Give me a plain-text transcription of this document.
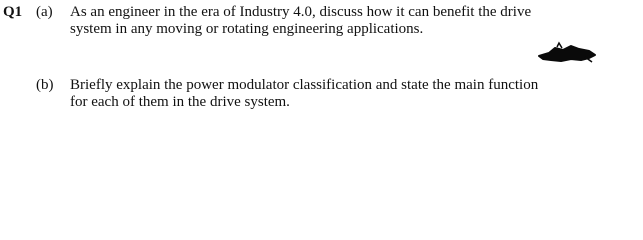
Q1 (a) As an engineer in the era of Industry 4.0, discuss how it can benefit the drive
system in any moving or rotating engineering applications.
(b) Briefly explain the power modulator classification and state the main function
for each of them in the drive system.
